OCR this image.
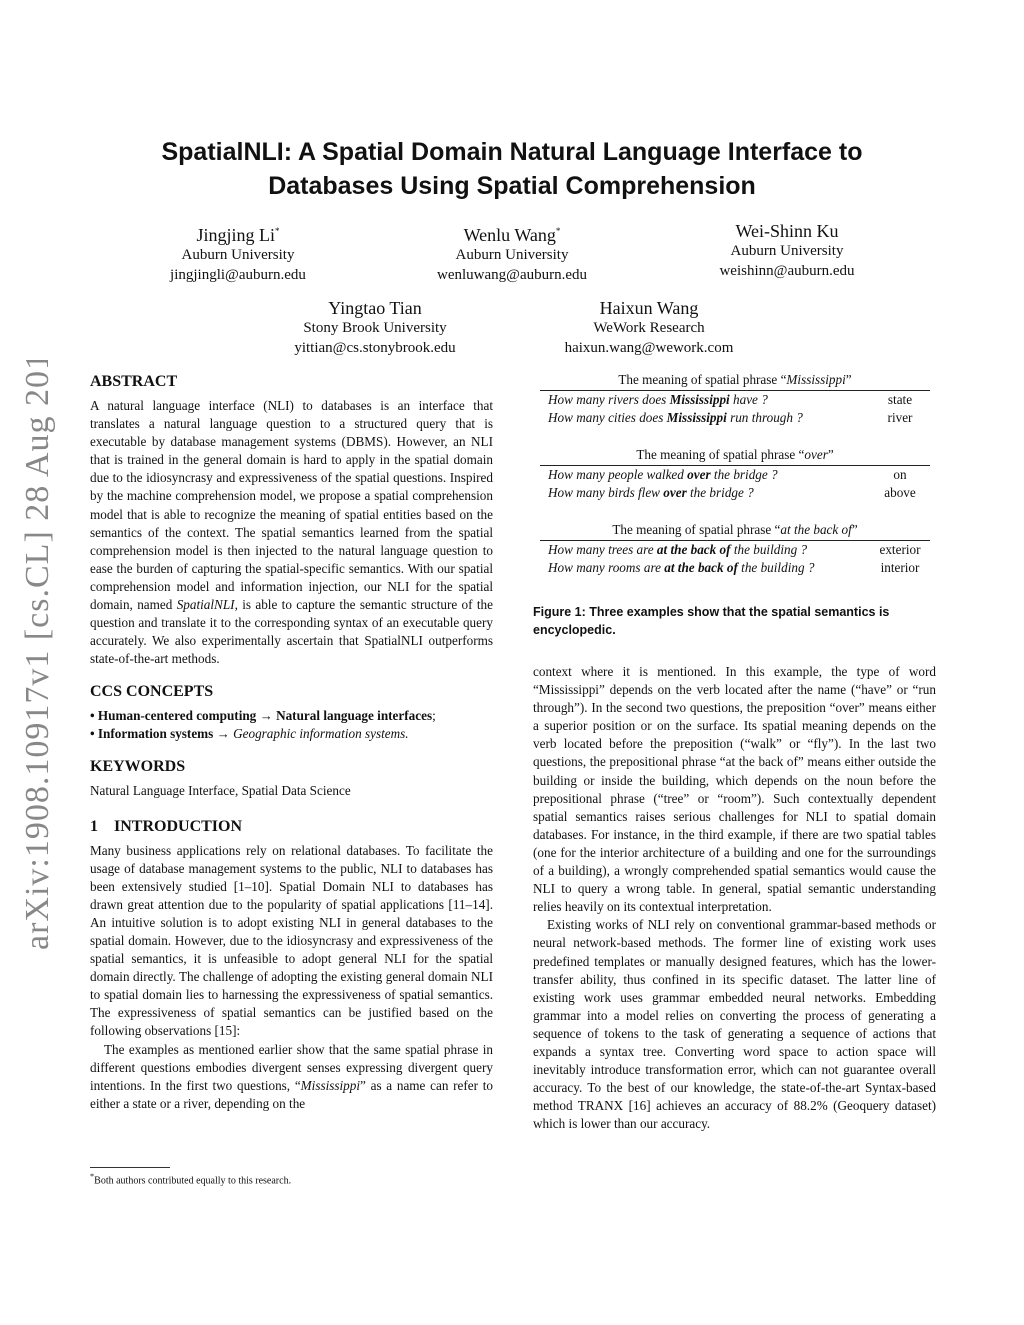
arXiv:1908.10917v1 [cs.CL] 28 Aug 2019
SpatialNLI: A Spatial Domain Natural Language Interface to
Databases Using Spatial Comprehension
Jingjing Li*
Auburn University
jingjingli@auburn.edu
Wenlu Wang*
Auburn University
wenluwang@auburn.edu
Wei-Shinn Ku
Auburn University
weishinn@auburn.edu
Yingtao Tian
Stony Brook University
yittian@cs.stonybrook.edu
Haixun Wang
WeWork Research
haixun.wang@wework.com
ABSTRACT

A natural language interface (NLI) to databases is an interface that translates a natural language question to a structured query that is executable by database management systems (DBMS). However, an NLI that is trained in the general domain is hard to apply in the spatial domain due to the idiosyncrasy and expressiveness of the spatial questions. Inspired by the machine comprehension model, we propose a spatial comprehension model that is able to recognize the meaning of spatial entities based on the semantics of the context. The spatial semantics learned from the spatial comprehension model is then injected to the natural language question to ease the burden of capturing the spatial-specific semantics. With our spatial comprehension model and information injection, our NLI for the spatial domain, named SpatialNLI, is able to capture the semantic structure of the question and translate it to the corresponding syntax of an executable query accurately. We also experimentally ascertain that SpatialNLI outperforms state-of-the-art methods.

CCS CONCEPTS
• Human-centered computing → Natural language interfaces;
• Information systems → Geographic information systems.
KEYWORDS

Natural Language Interface, Spatial Data Science

1    INTRODUCTION

Many business applications rely on relational databases. To facilitate the usage of database management systems to the public, NLI to databases has been extensively studied [1–10]. Spatial Domain NLI to databases has drawn great attention due to the popularity of spatial applications [11–14]. An intuitive solution is to adopt existing NLI in general databases to the spatial domain. However, due to the idiosyncrasy and expressiveness of the spatial semantics, it is unfeasible to adopt general NLI for the spatial domain directly. The challenge of adopting the existing general domain NLI to spatial domain lies to harnessing the expressiveness of spatial semantics. The expressiveness of spatial semantics can be justified based on the following observations [15]:

The examples as mentioned earlier show that the same spatial phrase in different questions embodies divergent senses expressing divergent query intentions. In the first two questions, “Mississippi” as a name can refer to either a state or a river, depending on the

*Both authors contributed equally to this research.
The meaning of spatial phrase “Mississippi”
How many rivers does Mississippi have ?	state
How many cities does Mississippi run through ?	river
The meaning of spatial phrase “over”
How many people walked over the bridge ?	on
How many birds flew over the bridge ?	above
The meaning of spatial phrase “at the back of”
How many trees are at the back of the building ?	exterior
How many rooms are at the back of the building ?	interior
Figure 1: Three examples show that the spatial semantics is encyclopedic.

context where it is mentioned. In this example, the type of word “Mississippi” depends on the verb located after the name (“have” or “run through”). In the second two questions, the preposition “over” means either a superior position or on the surface. Its spatial meaning depends on the verb located before the preposition (“walk” or “fly”). In the last two questions, the prepositional phrase “at the back of” means either outside the building or inside the building, which depends on the noun before the prepositional phrase (“tree” or “room”). Such contextually dependent spatial semantics raises serious challenges for NLI to spatial domain databases. For instance, in the third example, if there are two spatial tables (one for the interior architecture of a building and one for the surroundings of a building), a wrongly comprehended spatial semantics would cause the NLI to query a wrong table. In general, spatial semantic understanding relies heavily on its contextual interpretation.

Existing works of NLI rely on conventional grammar-based methods or neural network-based methods. The former line of existing work uses predefined templates or manually designed features, which has the lower-transfer ability, thus confined in its specific dataset. The latter line of existing work uses grammar embedded neural networks. Embedding grammar into a model relies on converting the process of generating a sequence of tokens to the task of generating a sequence of actions that expands a syntax tree. Converting word space to action space will inevitably introduce transformation error, which can not guarantee overall accuracy. To the best of our knowledge, the state-of-the-art Syntax-based method TRANX [16] achieves an accuracy of 88.2% (Geoquery dataset) which is lower than our accuracy.
